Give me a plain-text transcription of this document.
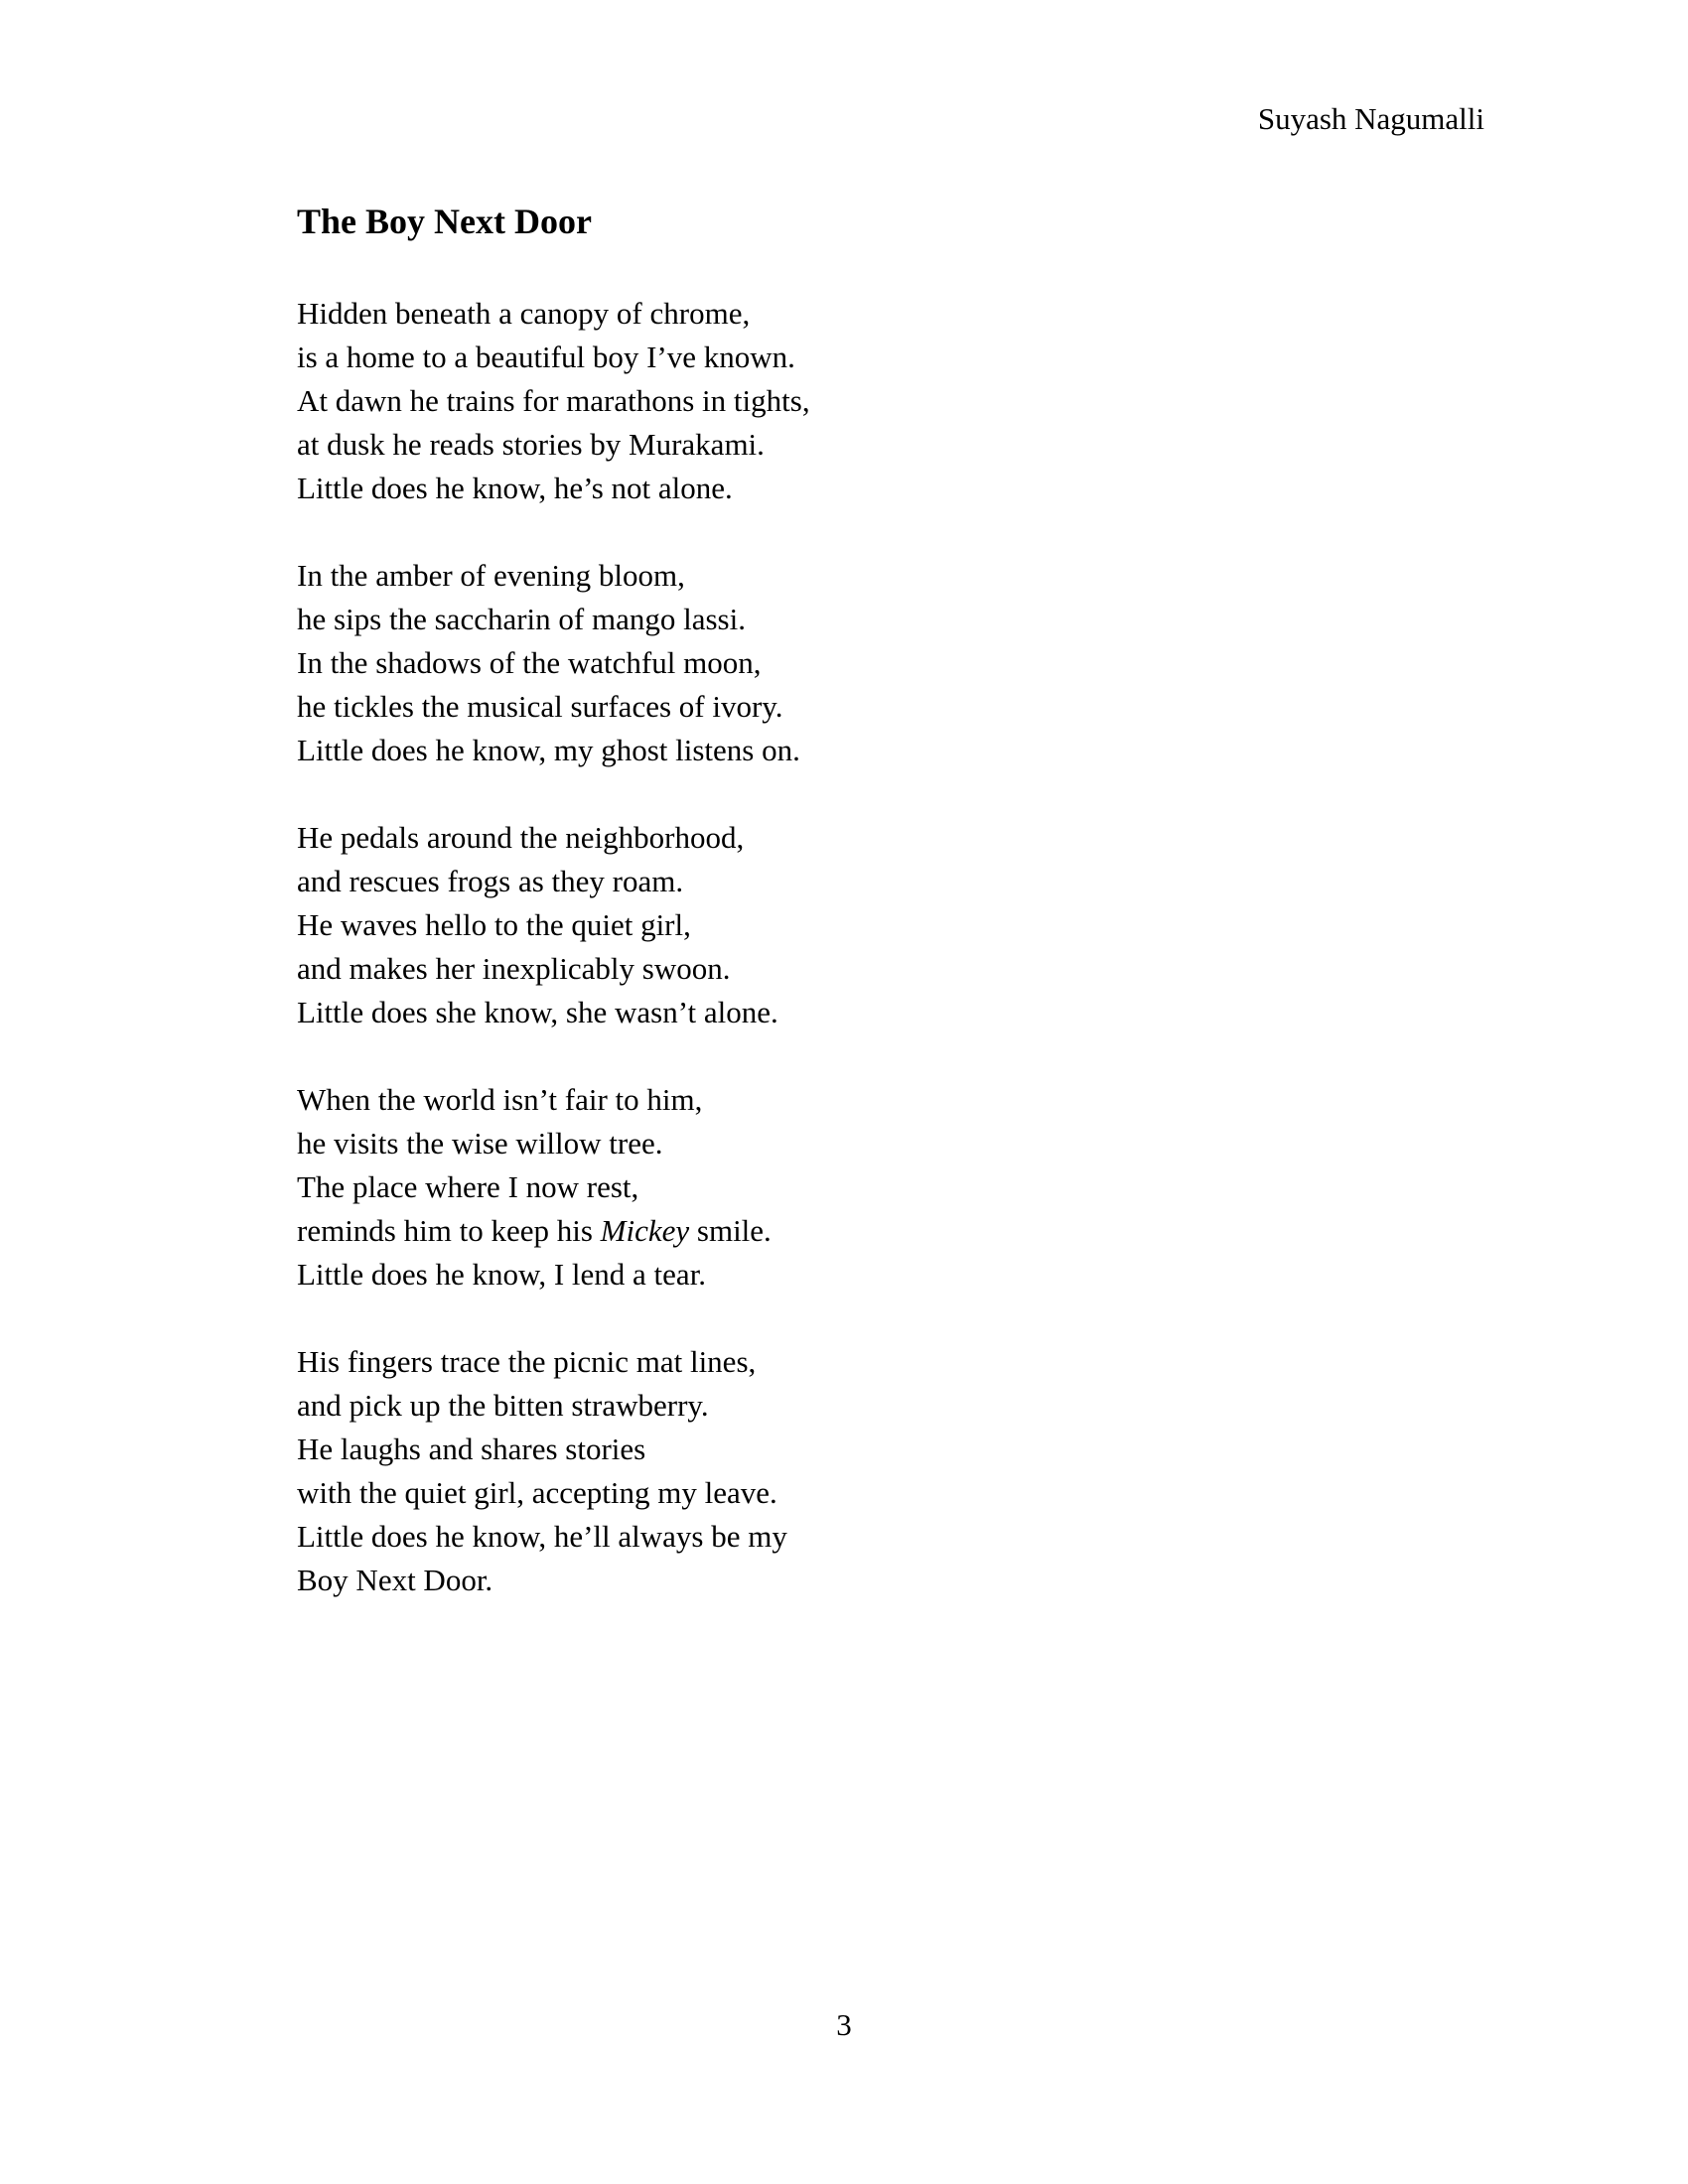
Suyash Nagumalli
The Boy Next Door
Hidden beneath a canopy of chrome,
is a home to a beautiful boy I’ve known.
At dawn he trains for marathons in tights,
at dusk he reads stories by Murakami.
Little does he know, he’s not alone.
In the amber of evening bloom,
he sips the saccharin of mango lassi.
In the shadows of the watchful moon,
he tickles the musical surfaces of ivory.
Little does he know, my ghost listens on.
He pedals around the neighborhood,
and rescues frogs as they roam.
He waves hello to the quiet girl,
and makes her inexplicably swoon.
Little does she know, she wasn’t alone.
When the world isn’t fair to him,
he visits the wise willow tree.
The place where I now rest,
reminds him to keep his Mickey smile.
Little does he know, I lend a tear.
His fingers trace the picnic mat lines,
and pick up the bitten strawberry.
He laughs and shares stories
with the quiet girl, accepting my leave.
Little does he know, he’ll always be my
Boy Next Door.
3
